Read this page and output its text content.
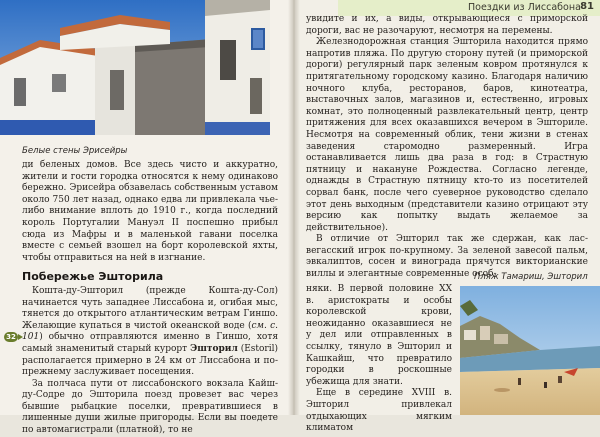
Белые стены Эрисейры

ди беленых домов. Все здесь чисто и аккуратно, жители и гости городка относятся к нему одинаково бережно. Эрисейра обзавелась собственным уставом около 750 лет назад, однако едва ли привлекала чье-либо внимание вплоть до 1910 г., когда последний король Португалии Мануэл II поспешно прибыл сюда из Мафры и в маленькой гавани поселка вместе с семьей взошел на борт королевской яхты, чтобы отправиться на ней в изгнание.

Побережье Эшторила

Кошта-ду-Эшторил (прежде Кошта-ду-Сол) начинается чуть западнее Лиссабона и, огибая мыс, тянется до открытого атлантическим ветрам Гиншо. Желающие купаться в чистой океанской воде (см. с. 101) обычно отправляются именно в Гиншо, хотя самый знаменитый старый курорт Эшторил (Estoril) располагается примерно в 24 км от Лиссабона и по-прежнему заслуживает посещения.

За полчаса пути от лиссабонского вокзала Кайш-ду-Содре до Эшторила поезд провезет вас через бывшие рыбацкие поселки, превратившиеся в лишенные души жилые пригороды. Если вы поедете по автомагистрали (платной), то не

32
Поездки из Лиссабона 81

увидите и их, а виды, открывающиеся с приморской дороги, вас не разочаруют, несмотря на перемены.

Железнодорожная станция Эшторила находится прямо напротив пляжа. По другую сторону путей (и приморской дороги) регулярный парк зеленым ковром протянулся к притягательному городскому казино. Благодаря наличию ночного клуба, ресторанов, баров, кинотеатра, выставочных залов, магазинов и, естественно, игровых комнат, это полноценный развлекательный центр, центр притяжения для всех оказавшихся вечером в Эшториле. Несмотря на современный облик, тени жизни в стенах заведения старомодно размеренный. Игра останавливается лишь два раза в год: в Страстную пятницу и накануне Рождества. Согласно легенде, однажды в Страстную пятницу кто-то из посетителей сорвал банк, после чего суеверное руководство сделало этот день выходным (представители казино отрицают эту версию как попытку выдать желаемое за действительное).

В отличие от Эшторил так же сдержан, как лас-вегасский игрок по-крупному. За зеленой завесой пальм, эвкалиптов, сосен и винограда прячутся викторианские виллы и элегантные современные особ-

няки. В первой половине XX в. аристократы и особы королевской крови, неожиданно оказавшиеся не у дел или отправленных в ссылку, тянуло в Эшторил и Кашкайш, что превратило городки в роскошные убежища для знати.

Еще в середине XVIII в. Эшторил привлекал отдыхающих мягким климатом

Пляж Тамариш, Эшторил
